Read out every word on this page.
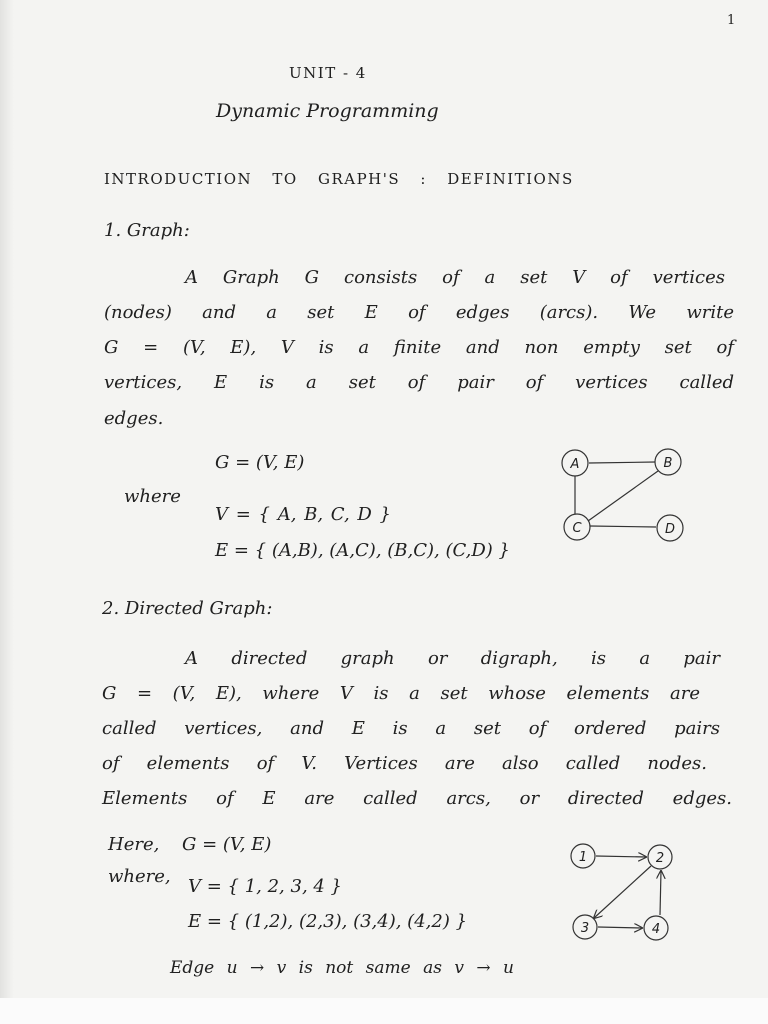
1
UNIT - 4
Dynamic Programming
INTRODUCTION TO GRAPH'S : DEFINITIONS
1. Graph:
A Graph G consists of a set V of vertices
(nodes) and a set E of edges (arcs). We write
G = (V, E), V is a finite and non empty set of
vertices, E is a set of pair of vertices called
edges.
G = (V, E)
where
V = { A, B, C, D }
E = { (A,B), (A,C), (B,C), (C,D) }
A	B
C	D
2. Directed Graph:
A directed graph or digraph, is a pair
G = (V, E), where V is a set whose elements are
called vertices, and E is a set of ordered pairs
of elements of V. Vertices are also called nodes.
Elements of E are called arcs, or directed edges.
Here, G = (V, E)
where, V = { 1, 2, 3, 4 }
E = { (1,2), (2,3), (3,4), (4,2) }
Edge u → v is not same as v → u
1	2
3	4
